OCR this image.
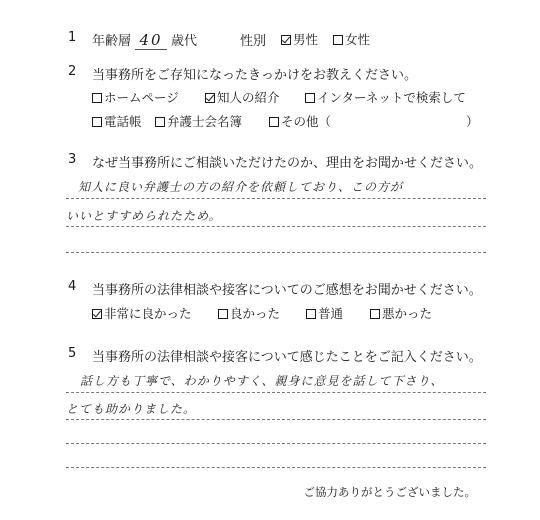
1 年齢層 40 歳代	性別	男性	女性
2 当事務所をご存知になったきっかけをお教えください。
ホームページ	知人の紹介	インターネットで検索して
電話帳	弁護士会名簿	その他（	）
3 なぜ当事務所にご相談いただけたのか、理由をお聞かせください。
知人に良い弁護士の方の紹介を依頼しており、この方が
いいとすすめられたため。
4 当事務所の法律相談や接客についてのご感想をお聞かせください。
非常に良かった	良かった	普通	悪かった
5 当事務所の法律相談や接客について感じたことをご記入ください。
話し方も丁寧で、わかりやすく、親身に意見を話して下さり、
とても助かりました。
ご協力ありがとうございました。
